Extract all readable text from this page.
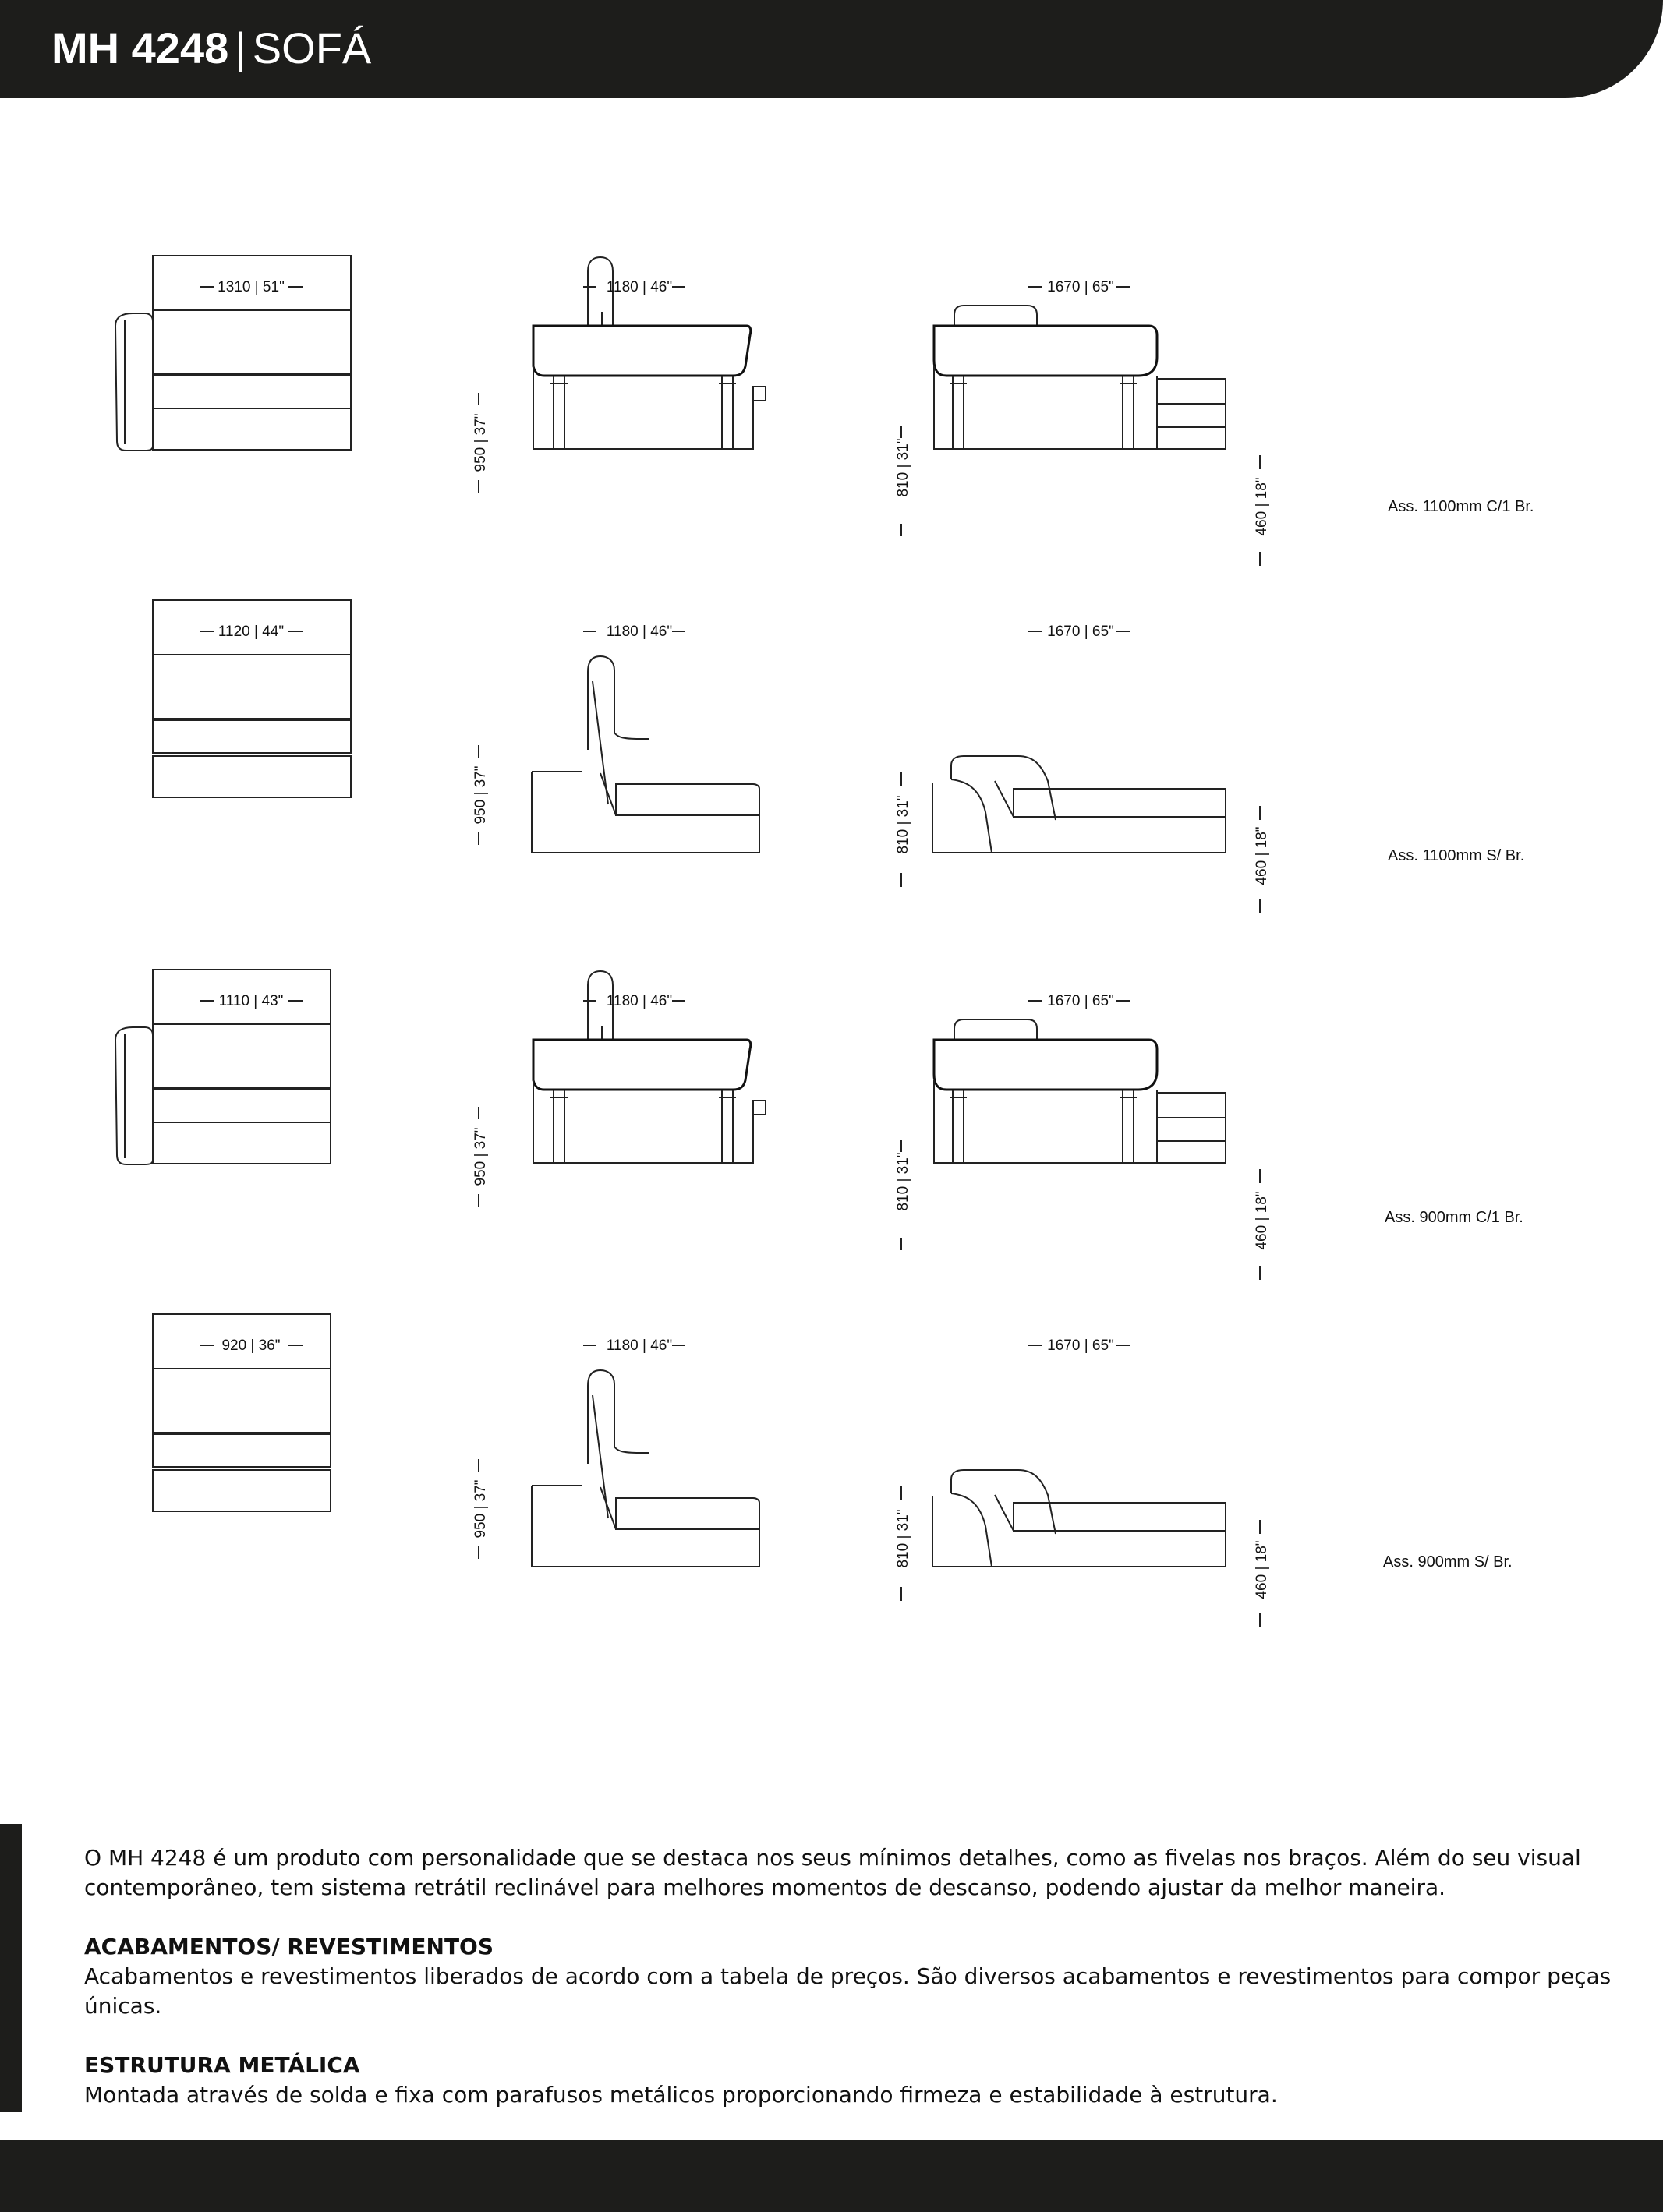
MH 4248 | SOFÁ
1310 | 51"	1180 | 46"	1670 | 65"
950 | 37"	810 | 31"
460 | 18"	Ass. 1100mm C/1 Br.
1120 | 44"	1180 | 46"	1670 | 65"
950 | 37"
810 | 31"
460 | 18"	Ass. 1100mm S/ Br.
1110 | 43"	1180 | 46"	1670 | 65"
950 | 37"	810 | 31"
460 | 18"	Ass. 900mm C/1 Br.
920 | 36"	1180 | 46"	1670 | 65"
950 | 37"
810 | 31"
460 | 18"	Ass. 900mm S/ Br.

O MH 4248 é um produto com personalidade que se destaca nos seus mínimos detalhes, como as fivelas nos braços. Além do seu visual

contemporâneo, tem sistema retrátil reclinável para melhores momentos de descanso, podendo ajustar da melhor maneira.

ACABAMENTOS/ REVESTIMENTOS

Acabamentos e revestimentos liberados de acordo com a tabela de preços. São diversos acabamentos e revestimentos para compor peças únicas.

ESTRUTURA METÁLICA

Montada através de solda e fixa com parafusos metálicos proporcionando firmeza e estabilidade à estrutura.
